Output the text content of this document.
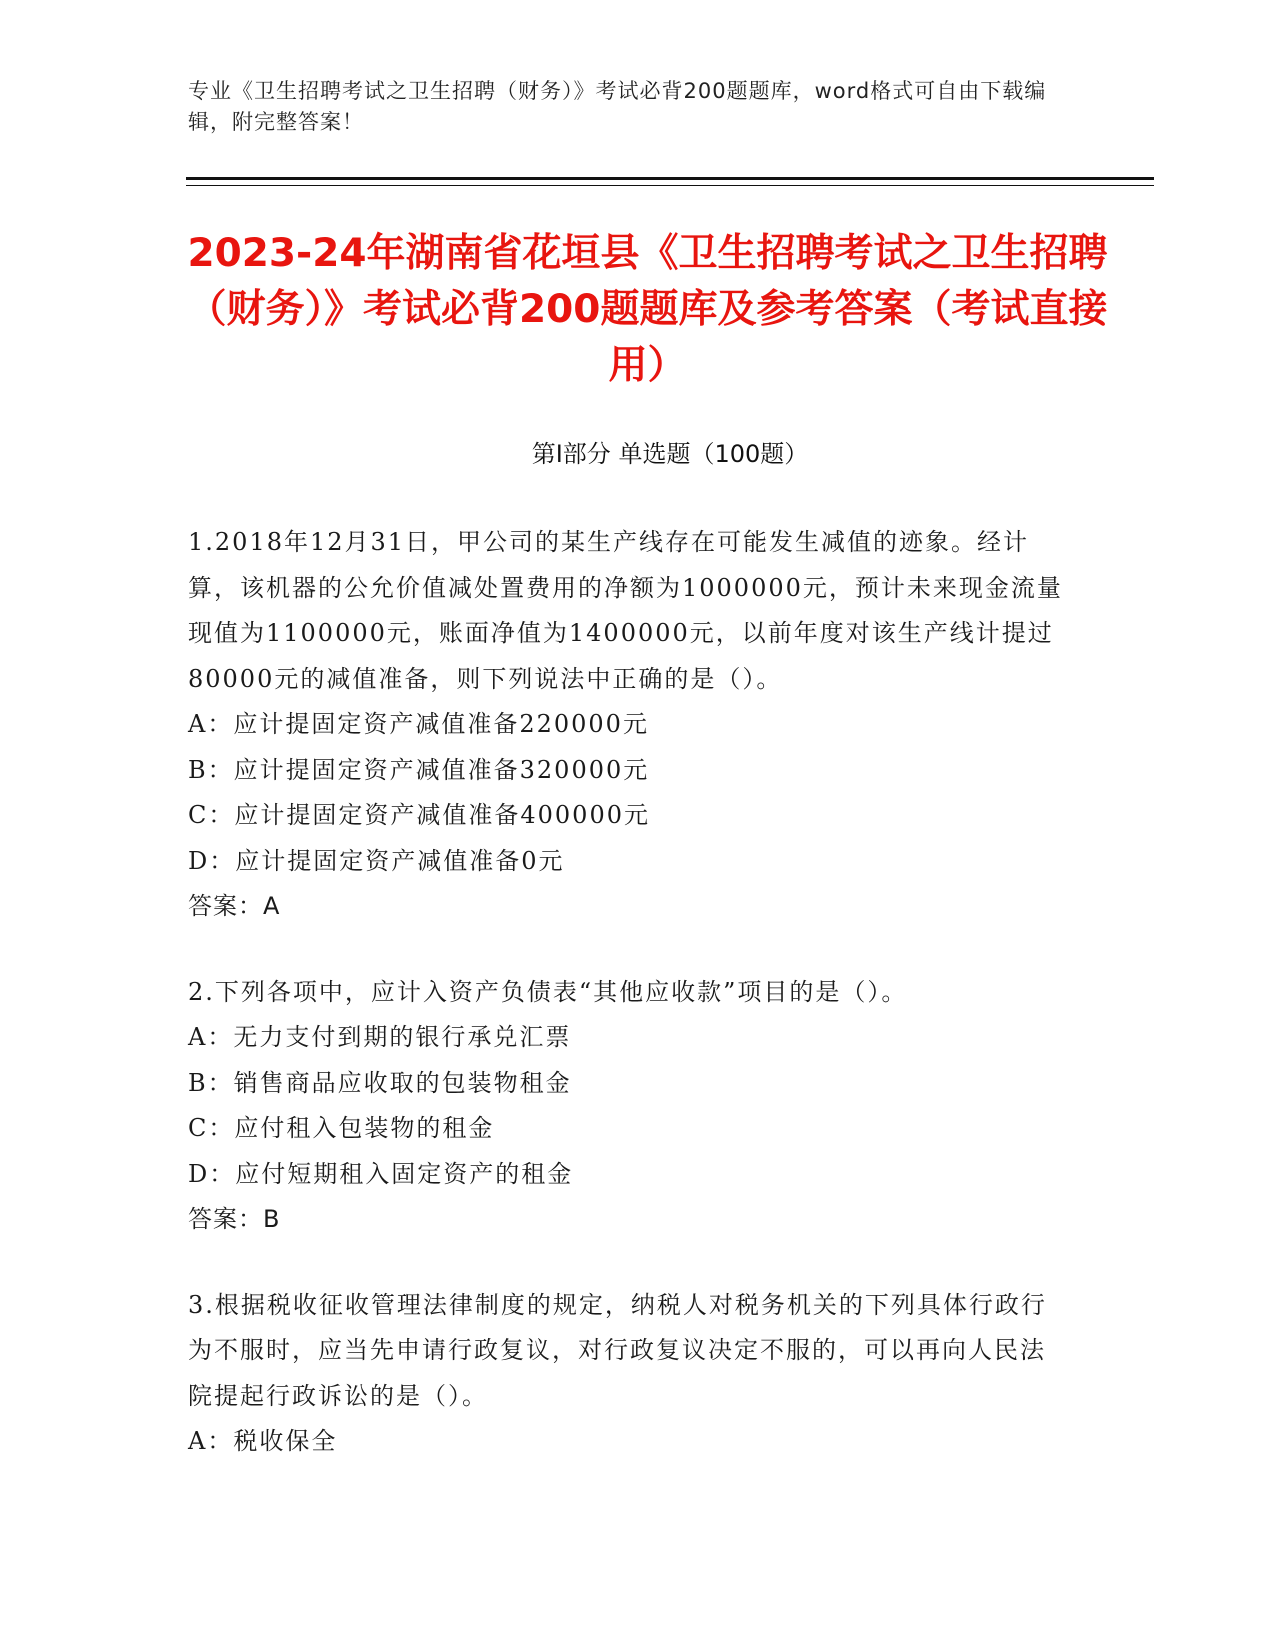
专业《卫生招聘考试之卫生招聘（财务）》考试必背200题题库，word格式可自由下载编辑，附完整答案！
2023-24年湖南省花垣县《卫生招聘考试之卫生招聘（财务）》考试必背200题题库及参考答案（考试直接用）
第Ⅰ部分 单选题（100题）

1.2018年12月31日，甲公司的某生产线存在可能发生减值的迹象。经计算，该机器的公允价值减处置费用的净额为1000000元，预计未来现金流量现值为1100000元，账面净值为1400000元，以前年度对该生产线计提过80000元的减值准备，则下列说法中正确的是（）。

A：应计提固定资产减值准备220000元
B：应计提固定资产减值准备320000元
C：应计提固定资产减值准备400000元
D：应计提固定资产减值准备0元

答案：A

2.下列各项中，应计入资产负债表“其他应收款”项目的是（）。

A：无力支付到期的银行承兑汇票
B：销售商品应收取的包装物租金
C：应付租入包装物的租金
D：应付短期租入固定资产的租金

答案：B

3.根据税收征收管理法律制度的规定，纳税人对税务机关的下列具体行政行为不服时，应当先申请行政复议，对行政复议决定不服的，可以再向人民法院提起行政诉讼的是（）。

A：税收保全
